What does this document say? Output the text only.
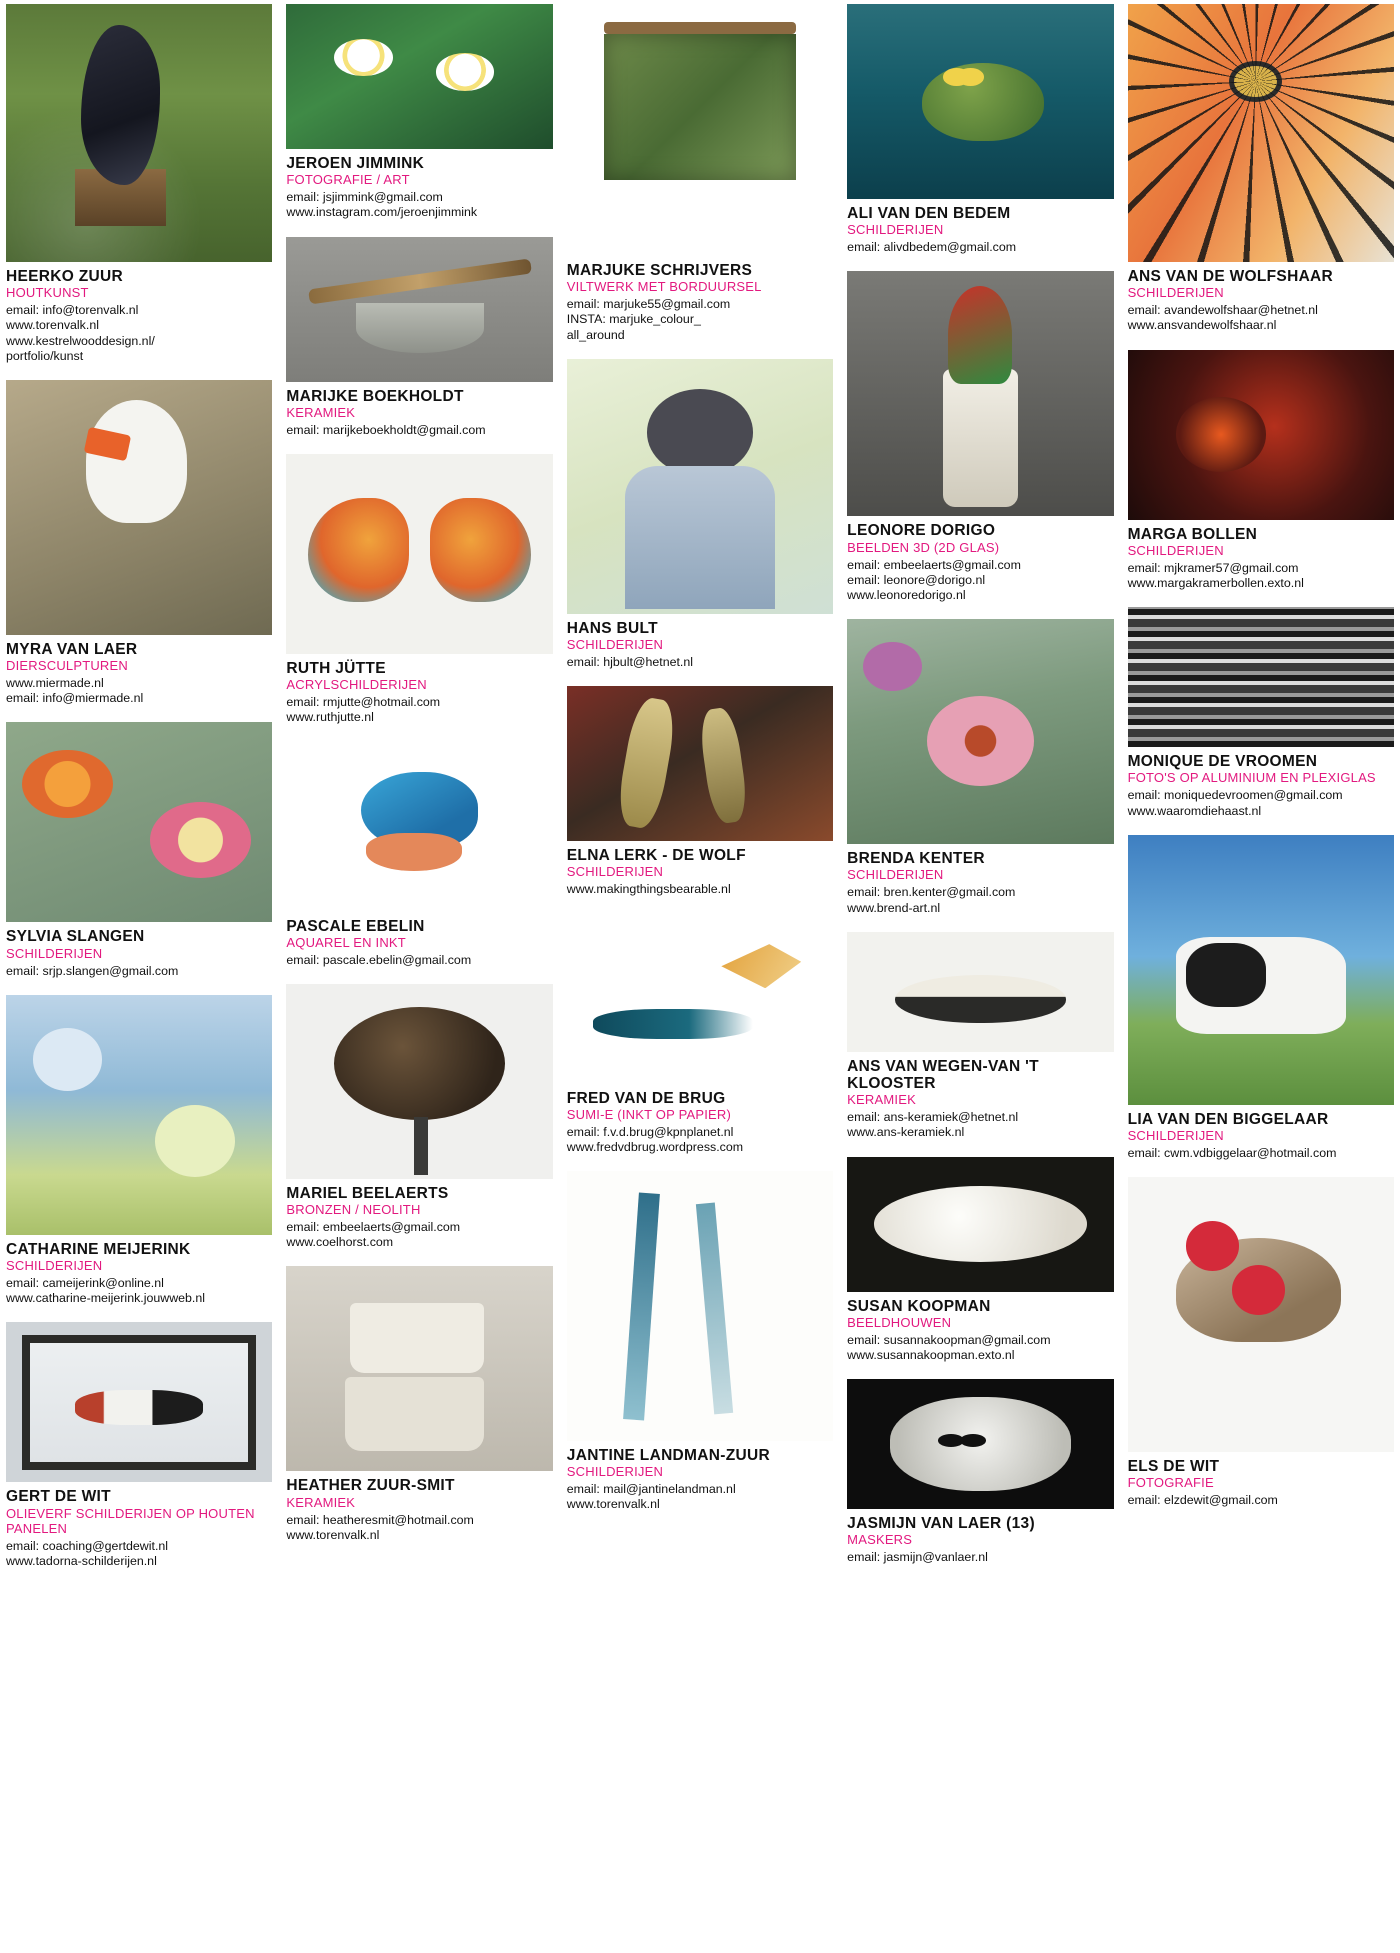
HEERKO ZUUR
HOUTKUNST
email: info@torenvalk.nl
www.torenvalk.nl
www.kestrelwooddesign.nl/
portfolio/kunst
MYRA VAN LAER
DIERSCULPTUREN
www.miermade.nl
email: info@miermade.nl
SYLVIA SLANGEN
SCHILDERIJEN
email: srjp.slangen@gmail.com
CATHARINE MEIJERINK
SCHILDERIJEN
email: cameijerink@online.nl
www.catharine-meijerink.jouwweb.nl
GERT DE WIT
OLIEVERF SCHILDERIJEN OP HOUTEN PANELEN
email: coaching@gertdewit.nl
www.tadorna-schilderijen.nl
JEROEN JIMMINK
FOTOGRAFIE / ART
email: jsjimmink@gmail.com
www.instagram.com/jeroenjimmink
MARIJKE BOEKHOLDT
KERAMIEK
email: marijkeboekholdt@gmail.com
RUTH JÜTTE
ACRYLSCHILDERIJEN
email: rmjutte@hotmail.com
www.ruthjutte.nl
PASCALE EBELIN
AQUAREL EN INKT
email: pascale.ebelin@gmail.com
MARIEL BEELAERTS
BRONZEN / NEOLITH
email: embeelaerts@gmail.com
www.coelhorst.com
HEATHER ZUUR-SMIT
KERAMIEK
email: heatheresmit@hotmail.com
www.torenvalk.nl
MARJUKE SCHRIJVERS
VILTWERK MET BORDUURSEL
email: marjuke55@gmail.com
INSTA: marjuke_colour_
all_around
HANS BULT
SCHILDERIJEN
email: hjbult@hetnet.nl
ELNA LERK - DE WOLF
SCHILDERIJEN
www.makingthingsbearable.nl
FRED VAN DE BRUG
SUMI-E (INKT OP PAPIER)
email: f.v.d.brug@kpnplanet.nl
www.fredvdbrug.wordpress.com
JANTINE LANDMAN-ZUUR
SCHILDERIJEN
email: mail@jantinelandman.nl
www.torenvalk.nl
ALI VAN DEN BEDEM
SCHILDERIJEN
email: alivdbedem@gmail.com
LEONORE DORIGO
BEELDEN 3D (2D GLAS)
email: embeelaerts@gmail.com
email: leonore@dorigo.nl
www.leonoredorigo.nl
BRENDA KENTER
SCHILDERIJEN
email: bren.kenter@gmail.com
www.brend-art.nl
ANS VAN WEGEN-VAN 'T KLOOSTER
KERAMIEK
email: ans-keramiek@hetnet.nl
www.ans-keramiek.nl
SUSAN KOOPMAN
BEELDHOUWEN
email: susannakoopman@gmail.com
www.susannakoopman.exto.nl
JASMIJN VAN LAER (13)
MASKERS
email: jasmijn@vanlaer.nl
ANS VAN DE WOLFSHAAR
SCHILDERIJEN
email: avandewolfshaar@hetnet.nl
www.ansvandewolfshaar.nl
MARGA BOLLEN
SCHILDERIJEN
email: mjkramer57@gmail.com
www.margakramerbollen.exto.nl
MONIQUE DE VROOMEN
FOTO'S OP ALUMINIUM EN PLEXIGLAS
email: moniquedevroomen@gmail.com
www.waaromdiehaast.nl
LIA VAN DEN BIGGELAAR
SCHILDERIJEN
email: cwm.vdbiggelaar@hotmail.com
ELS DE WIT
FOTOGRAFIE
email: elzdewit@gmail.com
